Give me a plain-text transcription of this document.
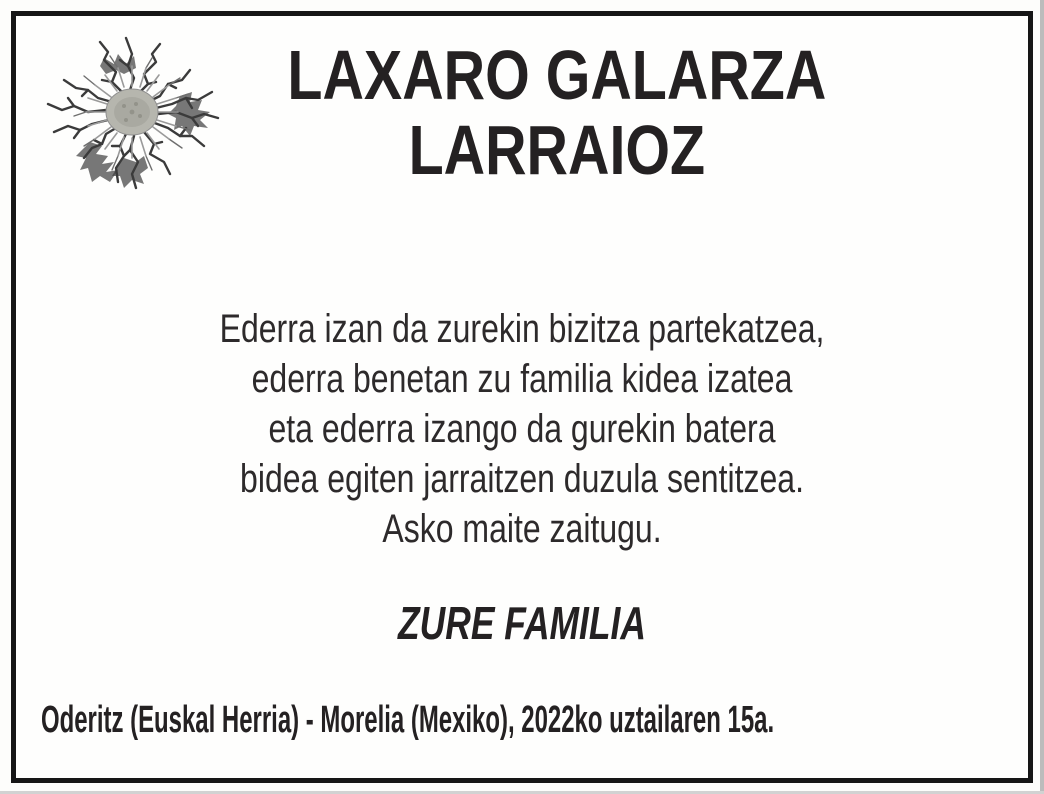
LAXARO GALARZA
LARRAIOZ
Ederra izan da zurekin bizitza partekatzea,
ederra benetan zu familia kidea izatea
eta ederra izango da gurekin batera
bidea egiten jarraitzen duzula sentitzea.
Asko maite zaitugu.
ZURE FAMILIA
Oderitz (Euskal Herria) - Morelia (Mexiko), 2022ko uztailaren 15a.
